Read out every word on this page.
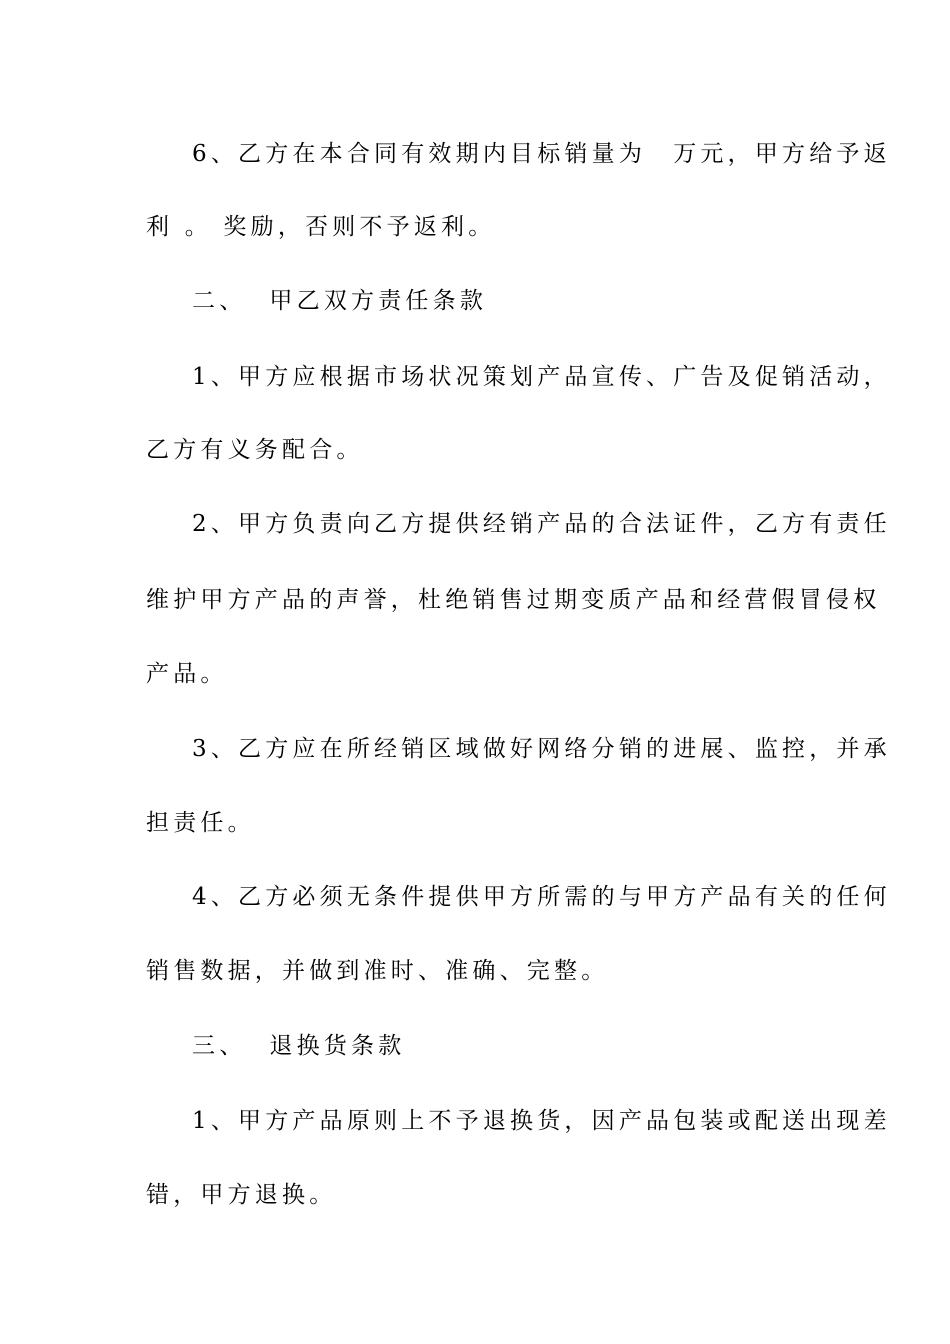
6、乙方在本合同有效期内目标销量为　万元，甲方给予返
利 。 奖励，否则不予返利。
二、  甲乙双方责任条款
1、甲方应根据市场状况策划产品宣传、广告及促销活动，
乙方有义务配合。
2、甲方负责向乙方提供经销产品的合法证件，乙方有责任
维护甲方产品的声誉，杜绝销售过期变质产品和经营假冒侵权
产品。
3、乙方应在所经销区域做好网络分销的进展、监控，并承
担责任。
4、乙方必须无条件提供甲方所需的与甲方产品有关的任何
销售数据，并做到准时、准确、完整。
三、  退换货条款
1、甲方产品原则上不予退换货，因产品包装或配送出现差
错，甲方退换。
